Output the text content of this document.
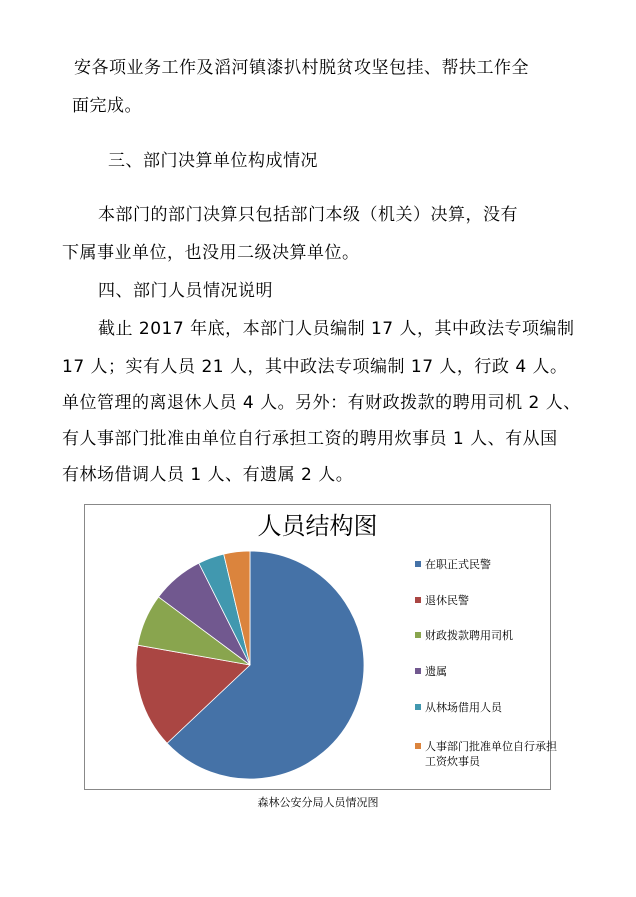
安各项业务工作及滔河镇漆扒村脱贫攻坚包挂、帮扶工作全
面完成。
三、部门决算单位构成情况
本部门的部门决算只包括部门本级（机关）决算，没有
下属事业单位，也没用二级决算单位。
四、部门人员情况说明
截止 2017 年底，本部门人员编制 17 人，其中政法专项编制
17 人；实有人员 21 人，其中政法专项编制 17 人，行政 4 人。
单位管理的离退休人员 4 人。另外：有财政拨款的聘用司机 2 人、
有人事部门批准由单位自行承担工资的聘用炊事员 1 人、有从国
有林场借调人员 1 人、有遗属 2 人。
人员结构图
在职正式民警
退休民警
财政拨款聘用司机
遗属
从林场借用人员
人事部门批准单位自行承担
工资炊事员
森林公安分局人员情况图
